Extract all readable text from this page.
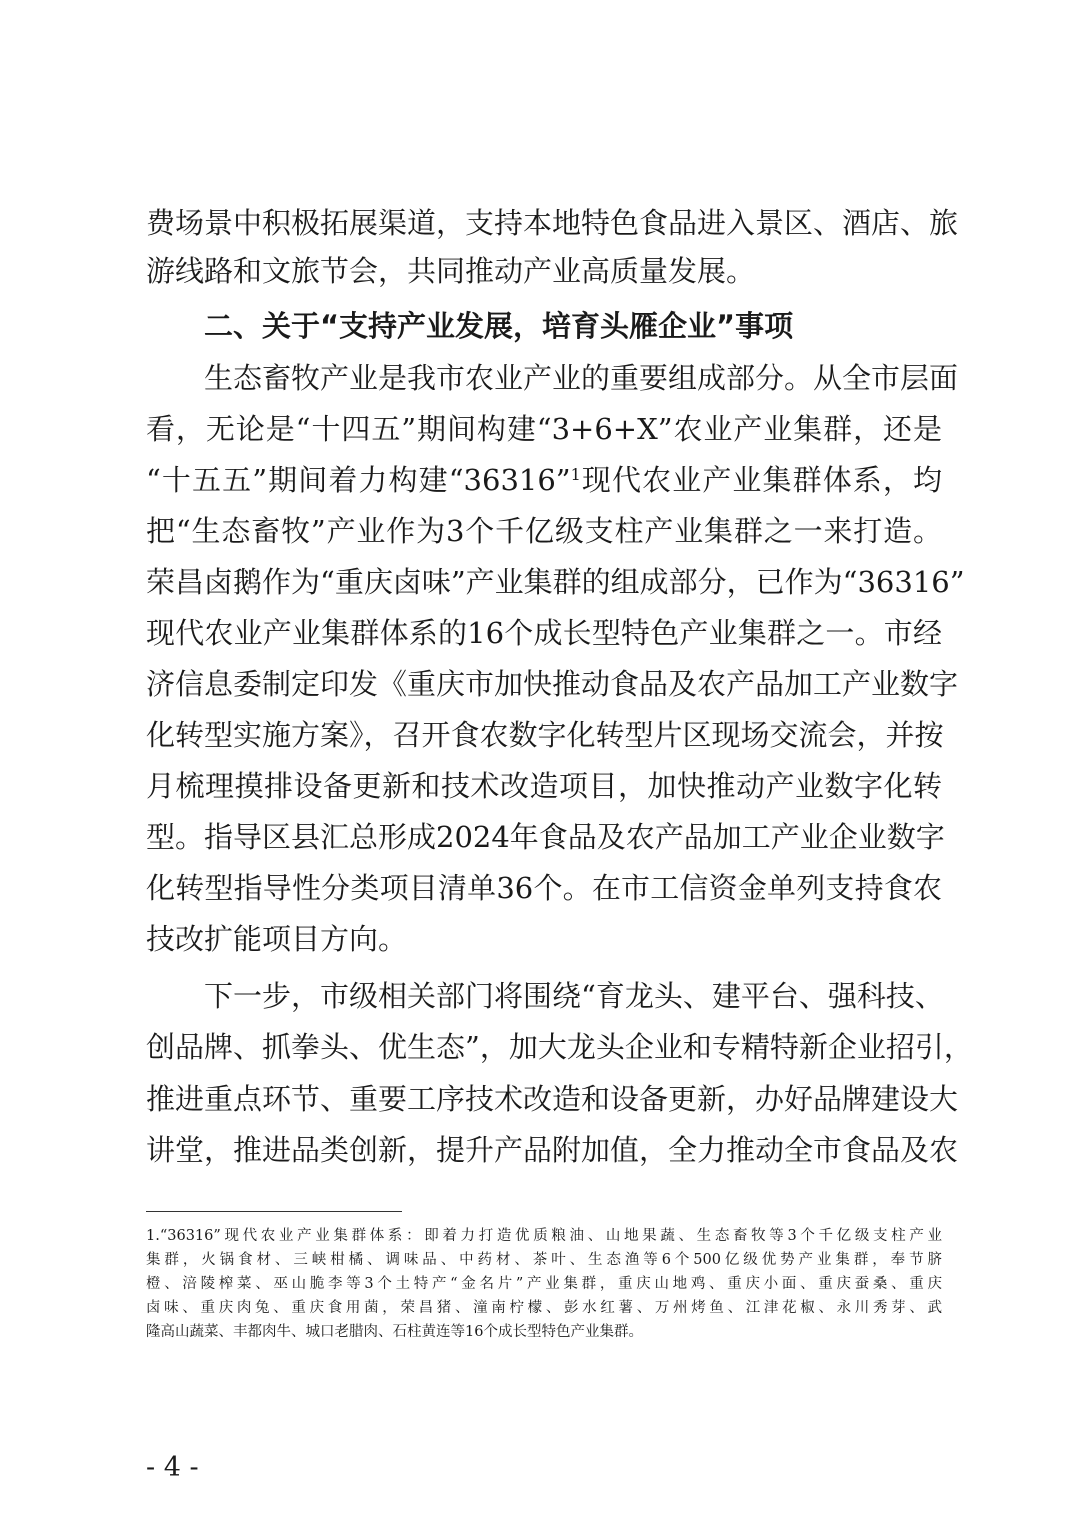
费场景中积极拓展渠道，支持本地特色食品进入景区、酒店、旅
游线路和文旅节会，共同推动产业高质量发展。
二、关于“支持产业发展，培育头雁企业”事项
生态畜牧产业是我市农业产业的重要组成部分。从全市层面
看，无论是“十四五”期间构建“3+6+X”农业产业集群，还是
“十五五”期间着力构建“36316”$^1$现代农业产业集群体系，均
把“生态畜牧”产业作为3个千亿级支柱产业集群之一来打造。
荣昌卤鹅作为“重庆卤味”产业集群的组成部分，已作为“36316”
现代农业产业集群体系的16个成长型特色产业集群之一。市经
济信息委制定印发《重庆市加快推动食品及农产品加工产业数字
化转型实施方案》，召开食农数字化转型片区现场交流会，并按
月梳理摸排设备更新和技术改造项目，加快推动产业数字化转
型。指导区县汇总形成2024年食品及农产品加工产业企业数字
化转型指导性分类项目清单36个。在市工信资金单列支持食农
技改扩能项目方向。
下一步，市级相关部门将围绕“育龙头、建平台、强科技、
创品牌、抓拳头、优生态”，加大龙头企业和专精特新企业招引，
推进重点环节、重要工序技术改造和设备更新，办好品牌建设大
讲堂，推进品类创新，提升产品附加值，全力推动全市食品及农
1.“36316”现代农业产业集群体系：即着力打造优质粮油、山地果蔬、生态畜牧等3个千亿级支柱产业
集群，火锅食材、三峡柑橘、调味品、中药材、茶叶、生态渔等6个500亿级优势产业集群，奉节脐
橙、涪陵榨菜、巫山脆李等3个土特产“金名片”产业集群，重庆山地鸡、重庆小面、重庆蚕桑、重庆
卤味、重庆肉兔、重庆食用菌，荣昌猪、潼南柠檬、彭水红薯、万州烤鱼、江津花椒、永川秀芽、武
隆高山蔬菜、丰都肉牛、城口老腊肉、石柱黄连等16个成长型特色产业集群。
- 4 -
